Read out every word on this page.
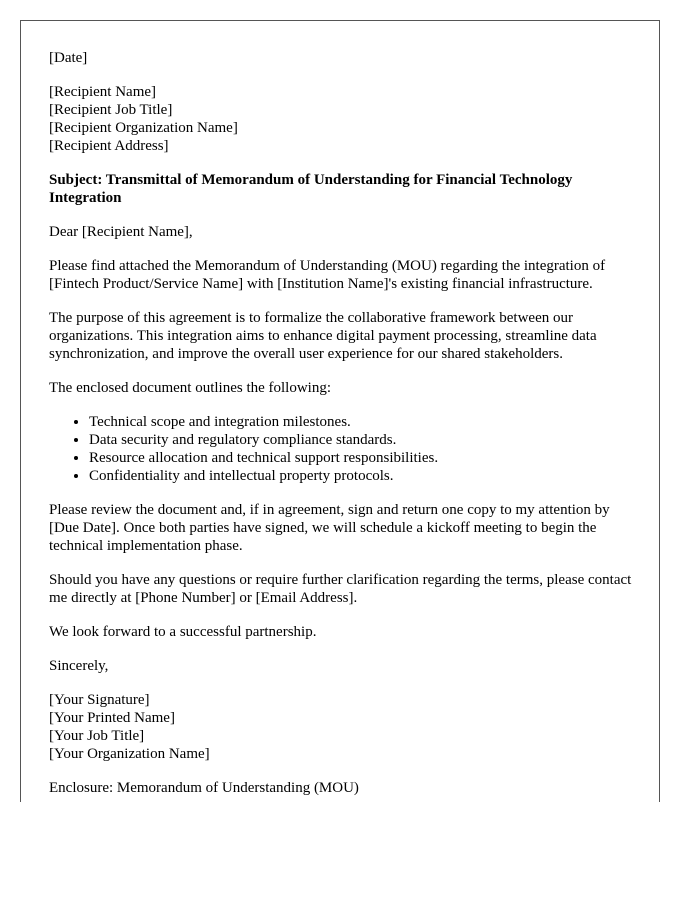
[Date]

[Recipient Name]
[Recipient Job Title]
[Recipient Organization Name]
[Recipient Address]

Subject: Transmittal of Memorandum of Understanding for Financial Technology Integration

Dear [Recipient Name],

Please find attached the Memorandum of Understanding (MOU) regarding the integration of [Fintech Product/Service Name] with [Institution Name]'s existing financial infrastructure.

The purpose of this agreement is to formalize the collaborative framework between our organizations. This integration aims to enhance digital payment processing, streamline data synchronization, and improve the overall user experience for our shared stakeholders.

The enclosed document outlines the following:

• Technical scope and integration milestones.
• Data security and regulatory compliance standards.
• Resource allocation and technical support responsibilities.
• Confidentiality and intellectual property protocols.

Please review the document and, if in agreement, sign and return one copy to my attention by [Due Date]. Once both parties have signed, we will schedule a kickoff meeting to begin the technical implementation phase.

Should you have any questions or require further clarification regarding the terms, please contact me directly at [Phone Number] or [Email Address].

We look forward to a successful partnership.

Sincerely,

[Your Signature]
[Your Printed Name]
[Your Job Title]
[Your Organization Name]

Enclosure: Memorandum of Understanding (MOU)
